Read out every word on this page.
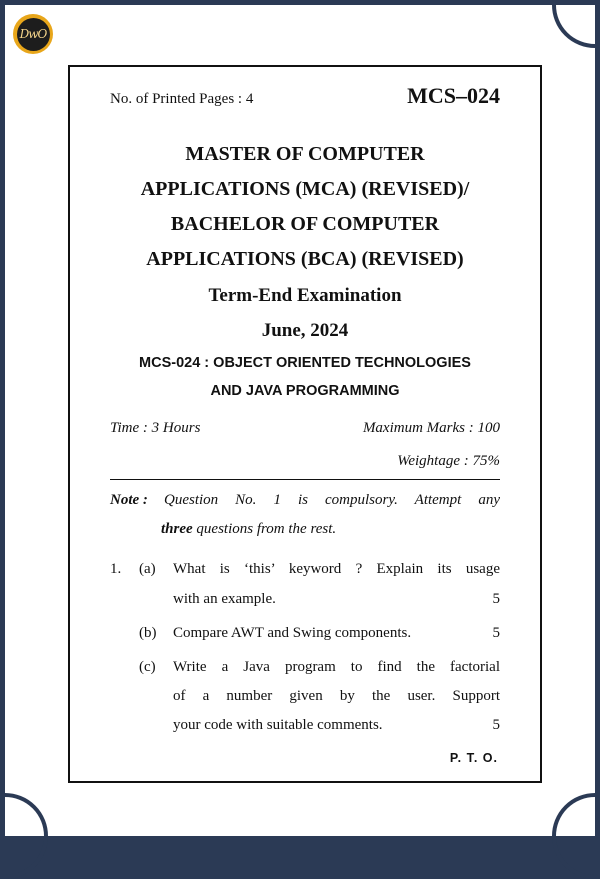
DwO
No. of Printed Pages : 4	MCS–024
MASTER OF COMPUTER
APPLICATIONS (MCA) (REVISED)/
BACHELOR OF COMPUTER
APPLICATIONS (BCA) (REVISED)
Term-End Examination
June, 2024
MCS-024 : OBJECT ORIENTED TECHNOLOGIES
AND JAVA PROGRAMMING
Time : 3 Hours	Maximum Marks : 100
Weightage : 75%
Note : Question No. 1 is compulsory. Attempt any
three questions from the rest.
1. (a) What is ‘this’ keyword ? Explain its usage
with an example.	5
(b) Compare AWT and Swing components.	5
(c) Write a Java program to find the factorial
of a number given by the user. Support
your code with suitable comments.	5
P. T. O.
